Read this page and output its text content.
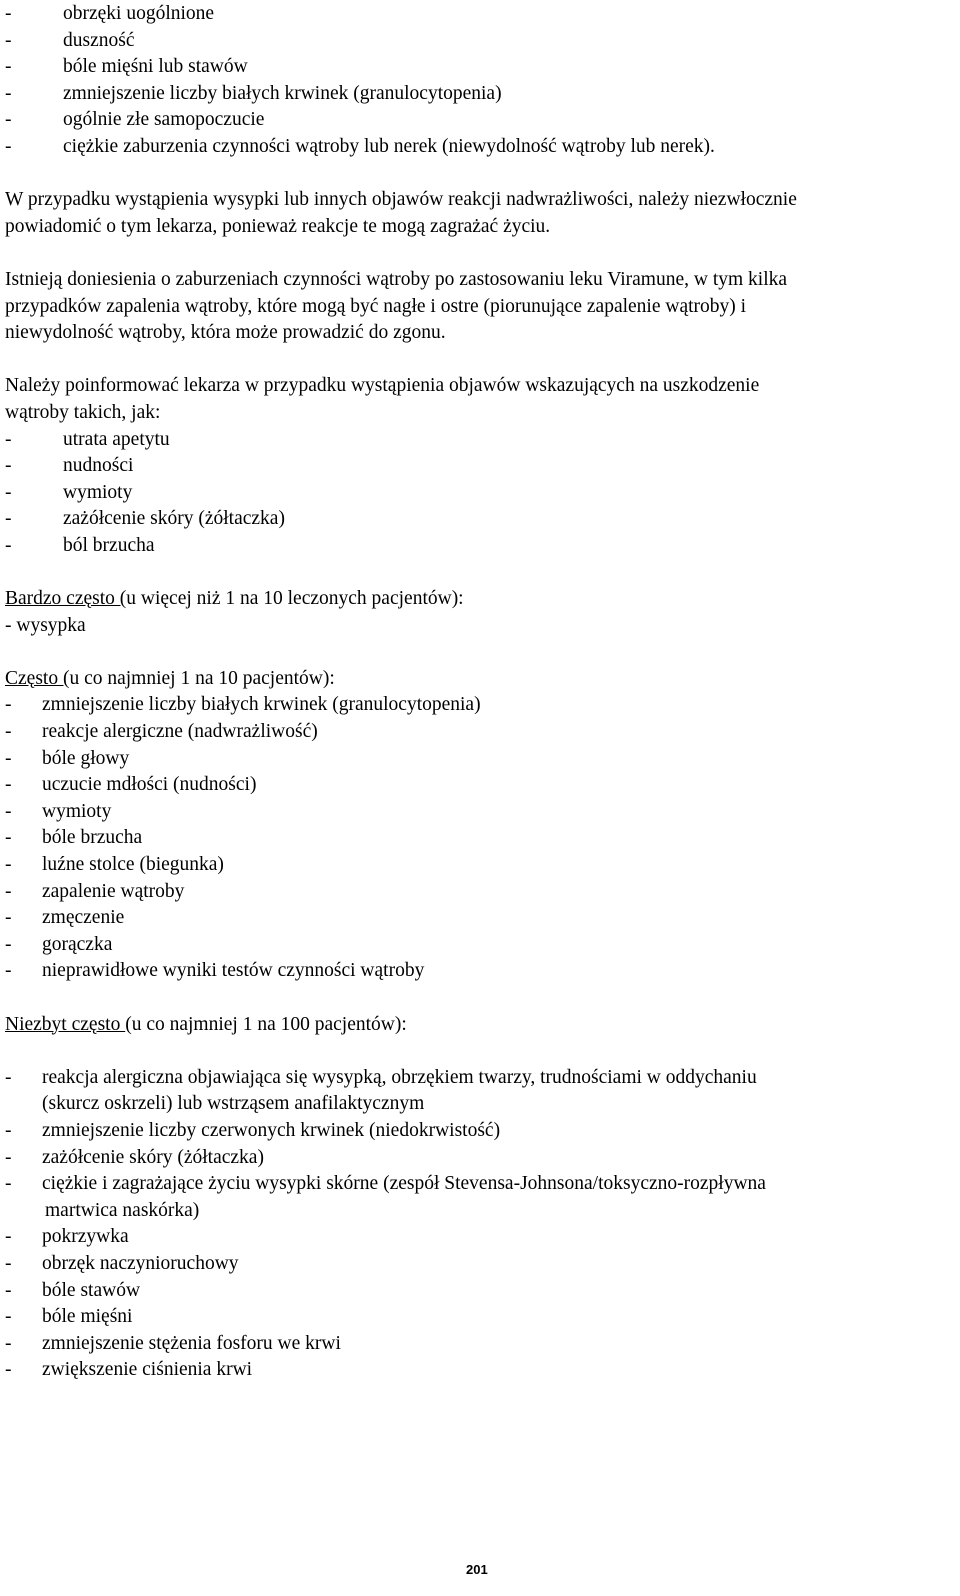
-	obrzęki uogólnione
-	duszność
-	bóle mięśni lub stawów
-	zmniejszenie liczby białych krwinek (granulocytopenia)
-	ogólnie złe samopoczucie
-	ciężkie zaburzenia czynności wątroby lub nerek (niewydolność wątroby lub nerek).
W przypadku wystąpienia wysypki lub innych objawów reakcji nadwrażliwości, należy niezwłocznie
powiadomić o tym lekarza, ponieważ reakcje te mogą zagrażać życiu.
Istnieją doniesienia o zaburzeniach czynności wątroby po zastosowaniu leku Viramune, w tym kilka
przypadków zapalenia wątroby, które mogą być nagłe i ostre (piorunujące zapalenie wątroby) i
niewydolność wątroby, która może prowadzić do zgonu.
Należy poinformować lekarza w przypadku wystąpienia objawów wskazujących na uszkodzenie
wątroby takich, jak:
-	utrata apetytu
-	nudności
-	wymioty
-	zażółcenie skóry (żółtaczka)
-	ból brzucha
Bardzo często (u więcej niż 1 na 10 leczonych pacjentów):
- wysypka
Często (u co najmniej 1 na 10 pacjentów):
- zmniejszenie liczby białych krwinek (granulocytopenia)
- reakcje alergiczne (nadwrażliwość)
- bóle głowy
- uczucie mdłości (nudności)
- wymioty
- bóle brzucha
- luźne stolce (biegunka)
- zapalenie wątroby
- zmęczenie
- gorączka
- nieprawidłowe wyniki testów czynności wątroby
Niezbyt często (u co najmniej 1 na 100 pacjentów):
- reakcja alergiczna objawiająca się wysypką, obrzękiem twarzy, trudnościami w oddychaniu
(skurcz oskrzeli) lub wstrząsem anafilaktycznym
- zmniejszenie liczby czerwonych krwinek (niedokrwistość)
- zażółcenie skóry (żółtaczka)
- ciężkie i zagrażające życiu wysypki skórne (zespół Stevensa-Johnsona/toksyczno-rozpływna
martwica naskórka)
- pokrzywka
- obrzęk naczynioruchowy
- bóle stawów
- bóle mięśni
- zmniejszenie stężenia fosforu we krwi
- zwiększenie ciśnienia krwi
201
